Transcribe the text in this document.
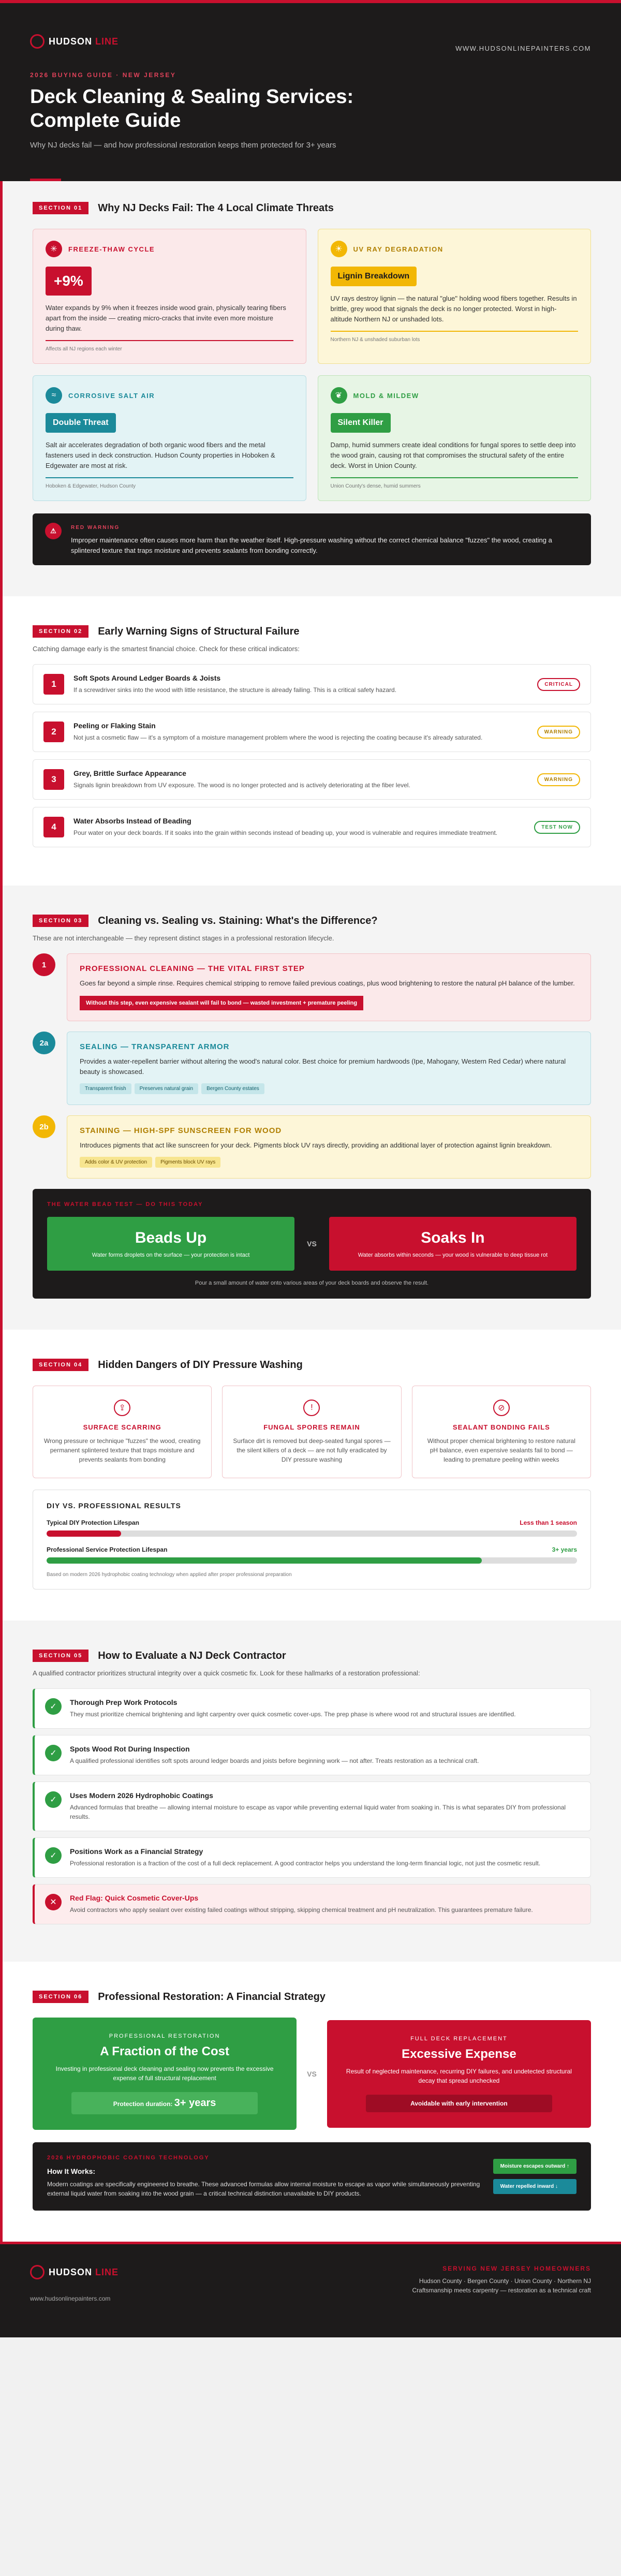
HUDSON LINE
WWW.HUDSONLINEPAINTERS.COM
2026 BUYING GUIDE · NEW JERSEY
Deck Cleaning & Sealing Services: Complete Guide
Why NJ decks fail — and how professional restoration keeps them protected for 3+ years
SECTION 01	Why NJ Decks Fail: The 4 Local Climate Threats
✳	FREEZE-THAW CYCLE
+9%

Water expands by 9% when it freezes inside wood grain, physically tearing fibers apart from the inside — creating micro-cracks that invite even more moisture during thaw.

Affects all NJ regions each winter
☀	UV RAY DEGRADATION
Lignin Breakdown

UV rays destroy lignin — the natural "glue" holding wood fibers together. Results in brittle, grey wood that signals the deck is no longer protected. Worst in high-altitude Northern NJ or unshaded lots.

Northern NJ & unshaded suburban lots
≈	CORROSIVE SALT AIR
Double Threat

Salt air accelerates degradation of both organic wood fibers and the metal fasteners used in deck construction. Hudson County properties in Hoboken & Edgewater are most at risk.

Hoboken & Edgewater, Hudson County
❦	MOLD & MILDEW
Silent Killer

Damp, humid summers create ideal conditions for fungal spores to settle deep into the wood grain, causing rot that compromises the structural safety of the entire deck. Worst in Union County.

Union County's dense, humid summers
⚠	RED WARNING
Improper maintenance often causes more harm than the weather itself. High-pressure washing without the correct chemical balance "fuzzes" the wood, creating a splintered texture that traps moisture and prevents sealants from bonding correctly.
SECTION 02	Early Warning Signs of Structural Failure
Catching damage early is the smartest financial choice. Check for these critical indicators:
1
Soft Spots Around Ledger Boards & Joists

If a screwdriver sinks into the wood with little resistance, the structure is already failing. This is a critical safety hazard.

CRITICAL
2
Peeling or Flaking Stain

Not just a cosmetic flaw — it's a symptom of a moisture management problem where the wood is rejecting the coating because it's already saturated.

WARNING
3
Grey, Brittle Surface Appearance

Signals lignin breakdown from UV exposure. The wood is no longer protected and is actively deteriorating at the fiber level.

WARNING
4
Water Absorbs Instead of Beading

Pour water on your deck boards. If it soaks into the grain within seconds instead of beading up, your wood is vulnerable and requires immediate treatment.

TEST NOW
SECTION 03	Cleaning vs. Sealing vs. Staining: What's the Difference?
These are not interchangeable — they represent distinct stages in a professional restoration lifecycle.
1	PROFESSIONAL CLEANING — THE VITAL FIRST STEP

Goes far beyond a simple rinse. Requires chemical stripping to remove failed previous coatings, plus wood brightening to restore the natural pH balance of the lumber.

Without this step, even expensive sealant will fail to bond — wasted investment + premature peeling
2a	SEALING — TRANSPARENT ARMOR

Provides a water-repellent barrier without altering the wood's natural color. Best choice for premium hardwoods (Ipe, Mahogany, Western Red Cedar) where natural beauty is showcased.

Transparent finish	Preserves natural grain	Bergen County estates
2b	STAINING — HIGH-SPF SUNSCREEN FOR WOOD

Introduces pigments that act like sunscreen for your deck. Pigments block UV rays directly, providing an additional layer of protection against lignin breakdown.

Adds color & UV protection	Pigments block UV rays
THE WATER BEAD TEST — DO THIS TODAY
Beads Up

Water forms droplets on the surface — your protection is intact

VS	Soaks In

Water absorbs within seconds — your wood is vulnerable to deep tissue rot

Pour a small amount of water onto various areas of your deck boards and observe the result.
SECTION 04	Hidden Dangers of DIY Pressure Washing
⇪
SURFACE SCARRING

Wrong pressure or technique "fuzzes" the wood, creating permanent splintered texture that traps moisture and prevents sealants from bonding

!
FUNGAL SPORES REMAIN

Surface dirt is removed but deep-seated fungal spores — the silent killers of a deck — are not fully eradicated by DIY pressure washing

⊘
SEALANT BONDING FAILS

Without proper chemical brightening to restore natural pH balance, even expensive sealants fail to bond — leading to premature peeling within weeks

DIY VS. PROFESSIONAL RESULTS
Typical DIY Protection Lifespan	Less than 1 season
Professional Service Protection Lifespan	3+ years
Based on modern 2026 hydrophobic coating technology when applied after proper professional preparation
SECTION 05	How to Evaluate a NJ Deck Contractor
A qualified contractor prioritizes structural integrity over a quick cosmetic fix. Look for these hallmarks of a restoration professional:
✓	Thorough Prep Work Protocols

They must prioritize chemical brightening and light carpentry over quick cosmetic cover-ups. The prep phase is where wood rot and structural issues are identified.

✓	Spots Wood Rot During Inspection

A qualified professional identifies soft spots around ledger boards and joists before beginning work — not after. Treats restoration as a technical craft.

✓	Uses Modern 2026 Hydrophobic Coatings

Advanced formulas that breathe — allowing internal moisture to escape as vapor while preventing external liquid water from soaking in. This is what separates DIY from professional results.

✓	Positions Work as a Financial Strategy

Professional restoration is a fraction of the cost of a full deck replacement. A good contractor helps you understand the long-term financial logic, not just the cosmetic result.

✕	Red Flag: Quick Cosmetic Cover-Ups

Avoid contractors who apply sealant over existing failed coatings without stripping, skipping chemical treatment and pH neutralization. This guarantees premature failure.

SECTION 06	Professional Restoration: A Financial Strategy
PROFESSIONAL RESTORATION
A Fraction of the Cost

Investing in professional deck cleaning and sealing now prevents the excessive expense of full structural replacement

Protection duration: 3+ years
VS
FULL DECK REPLACEMENT
Excessive Expense

Result of neglected maintenance, recurring DIY failures, and undetected structural decay that spread unchecked

Avoidable with early intervention
2026 HYDROPHOBIC COATING TECHNOLOGY
How It Works:

Modern coatings are specifically engineered to breathe. These advanced formulas allow internal moisture to escape as vapor while simultaneously preventing external liquid water from soaking into the wood grain — a critical technical distinction unavailable to DIY products.

Moisture escapes outward ↑
Water repelled inward ↓
HUDSON LINE
www.hudsonlinepainters.com
SERVING NEW JERSEY HOMEOWNERS

Hudson County · Bergen County · Union County · Northern NJ

Craftsmanship meets carpentry — restoration as a technical craft
